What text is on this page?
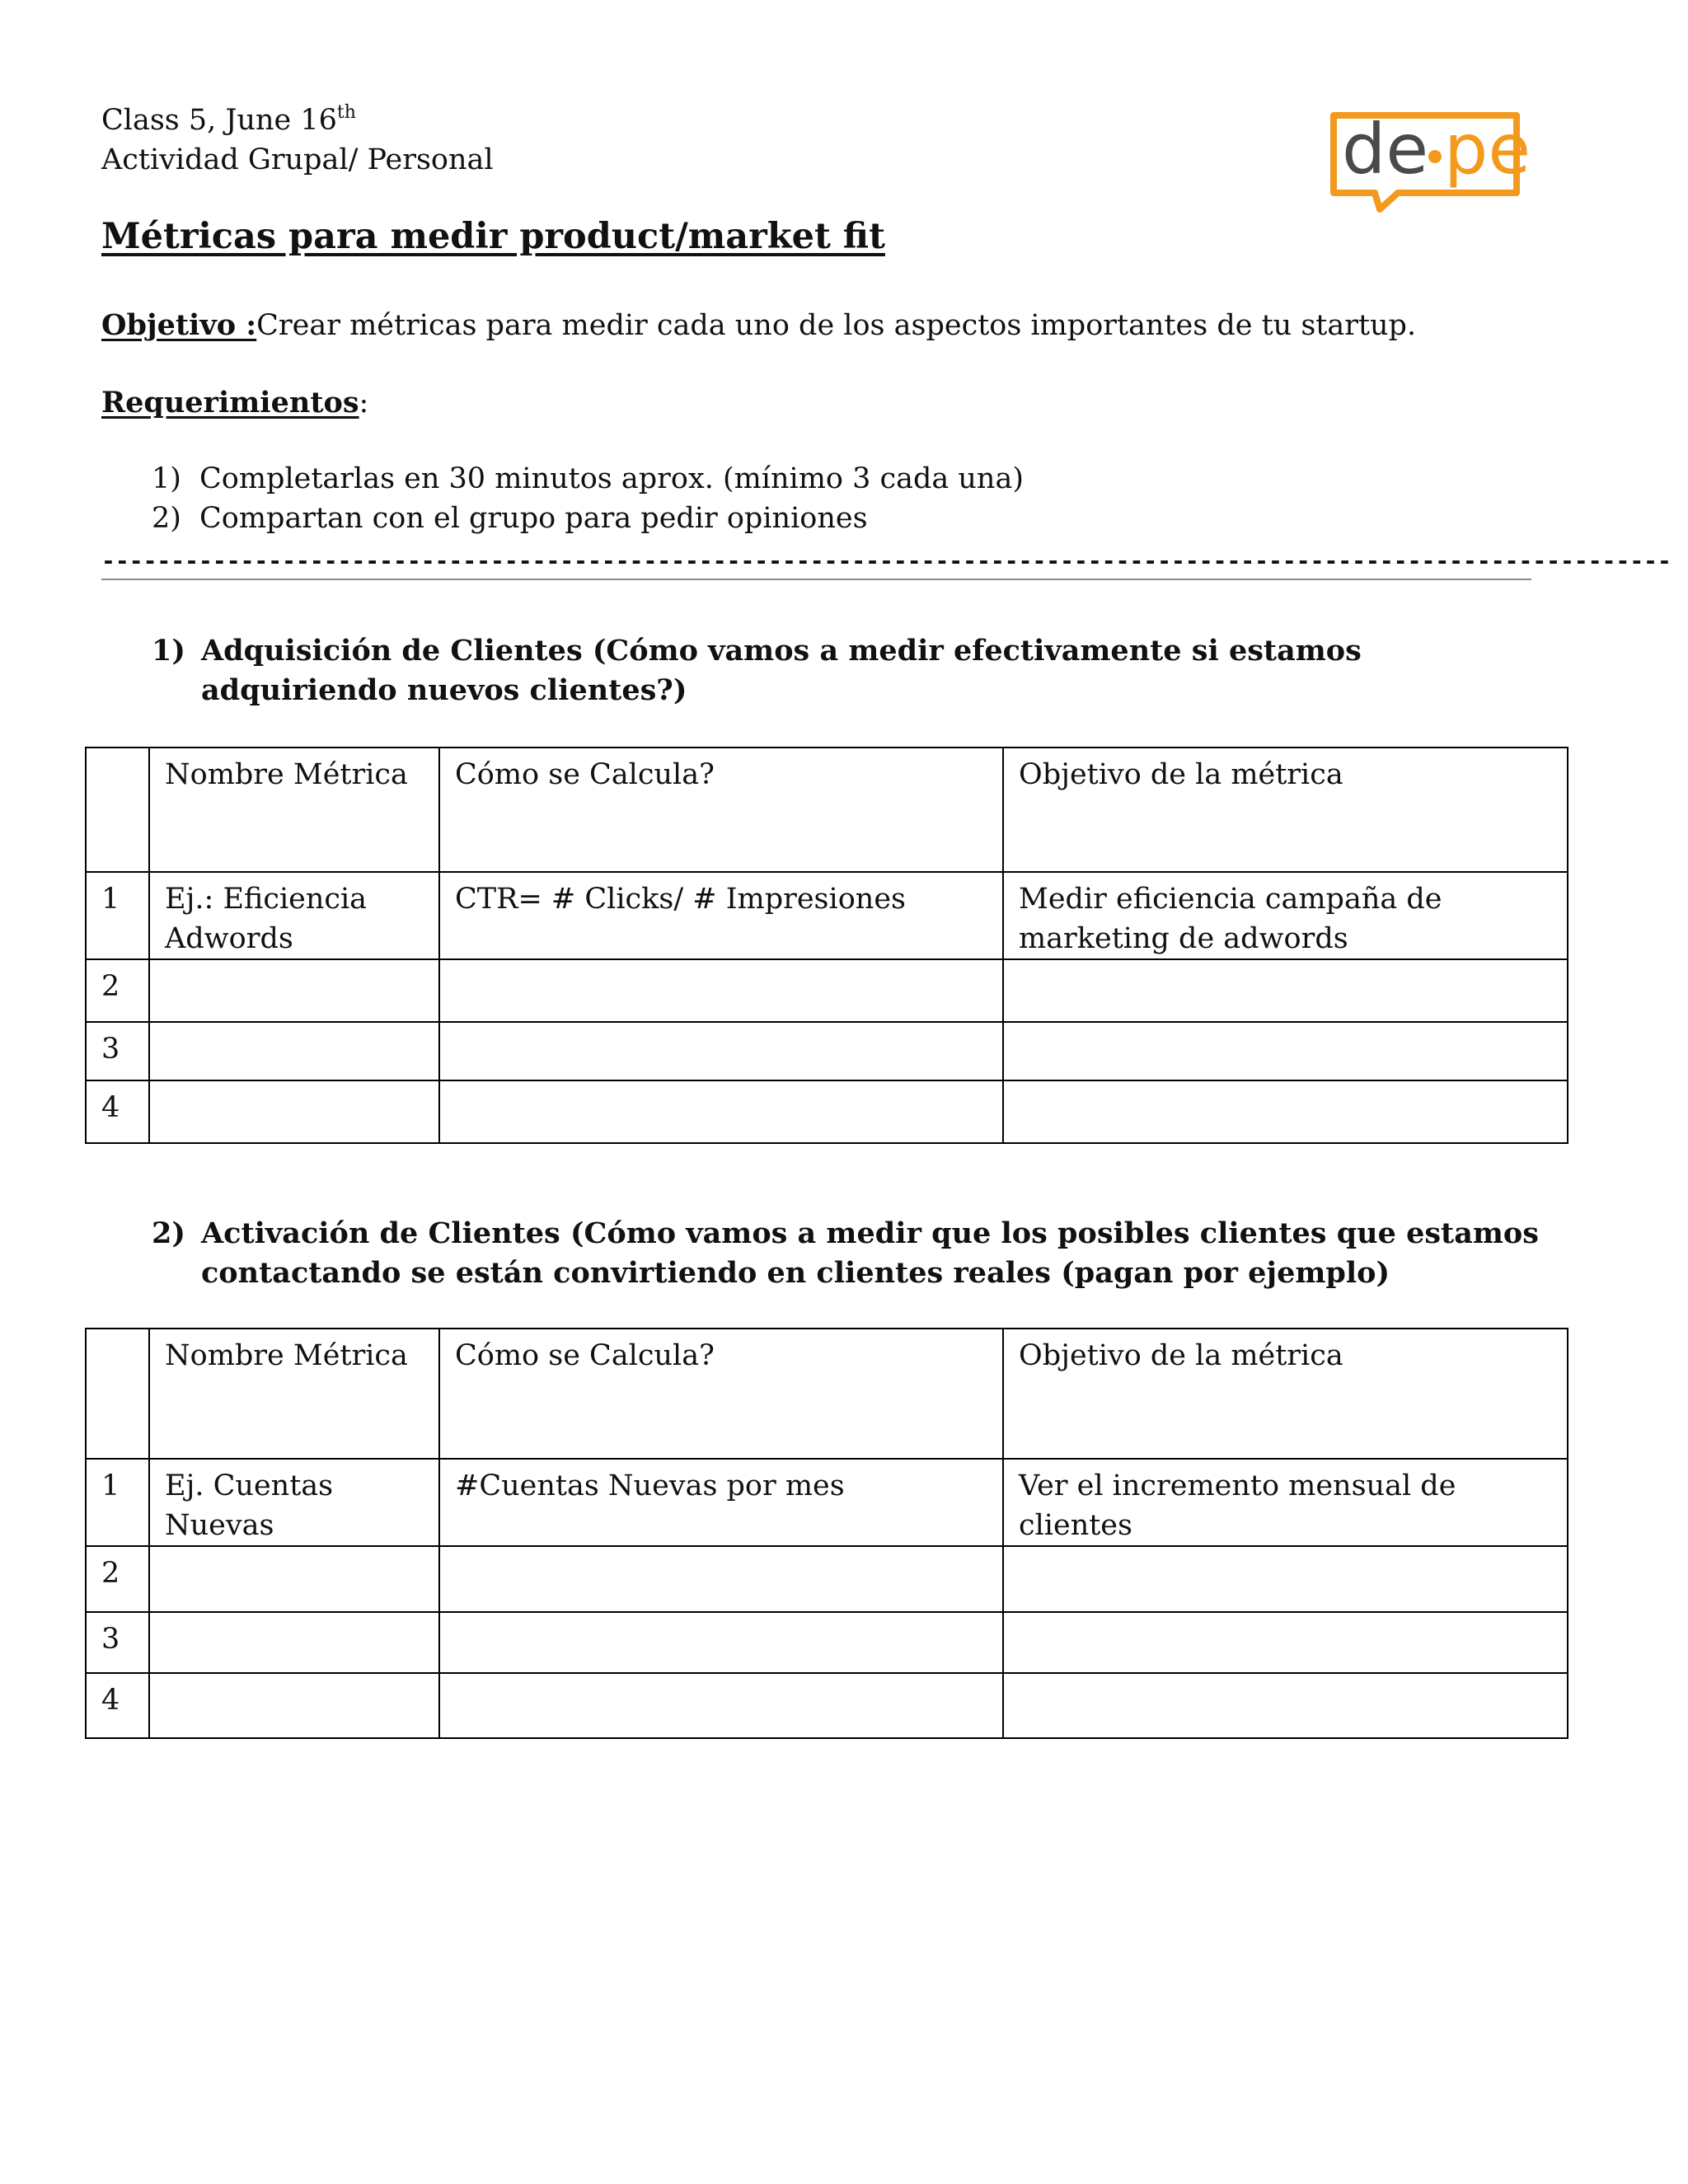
Class 5, June 16th
Actividad Grupal/ Personal	de pe
Métricas para medir product/market fit
Objetivo :Crear métricas para medir cada uno de los aspectos importantes de tu startup.
Requerimientos:
1) Completarlas en 30 minutos aprox. (mínimo 3 cada una)
2) Compartan con el grupo para pedir opiniones
-----------------------------------------------------------------------------------------------------------------
1) Adquisición de Clientes (Cómo vamos a medir efectivamente si estamos adquiriendo nuevos clientes?)
	Nombre Métrica	Cómo se Calcula?	Objetivo de la métrica
1	Ej.: Eficiencia Adwords	CTR= # Clicks/ # Impresiones	Medir eficiencia campaña de marketing de adwords
2			
3			
4			
2) Activación de Clientes (Cómo vamos a medir que los posibles clientes que estamos contactando se están convirtiendo en clientes reales (pagan por ejemplo)
	Nombre Métrica	Cómo se Calcula?	Objetivo de la métrica
1	Ej. Cuentas Nuevas	#Cuentas Nuevas por mes	Ver el incremento mensual de clientes
2			
3			
4			
